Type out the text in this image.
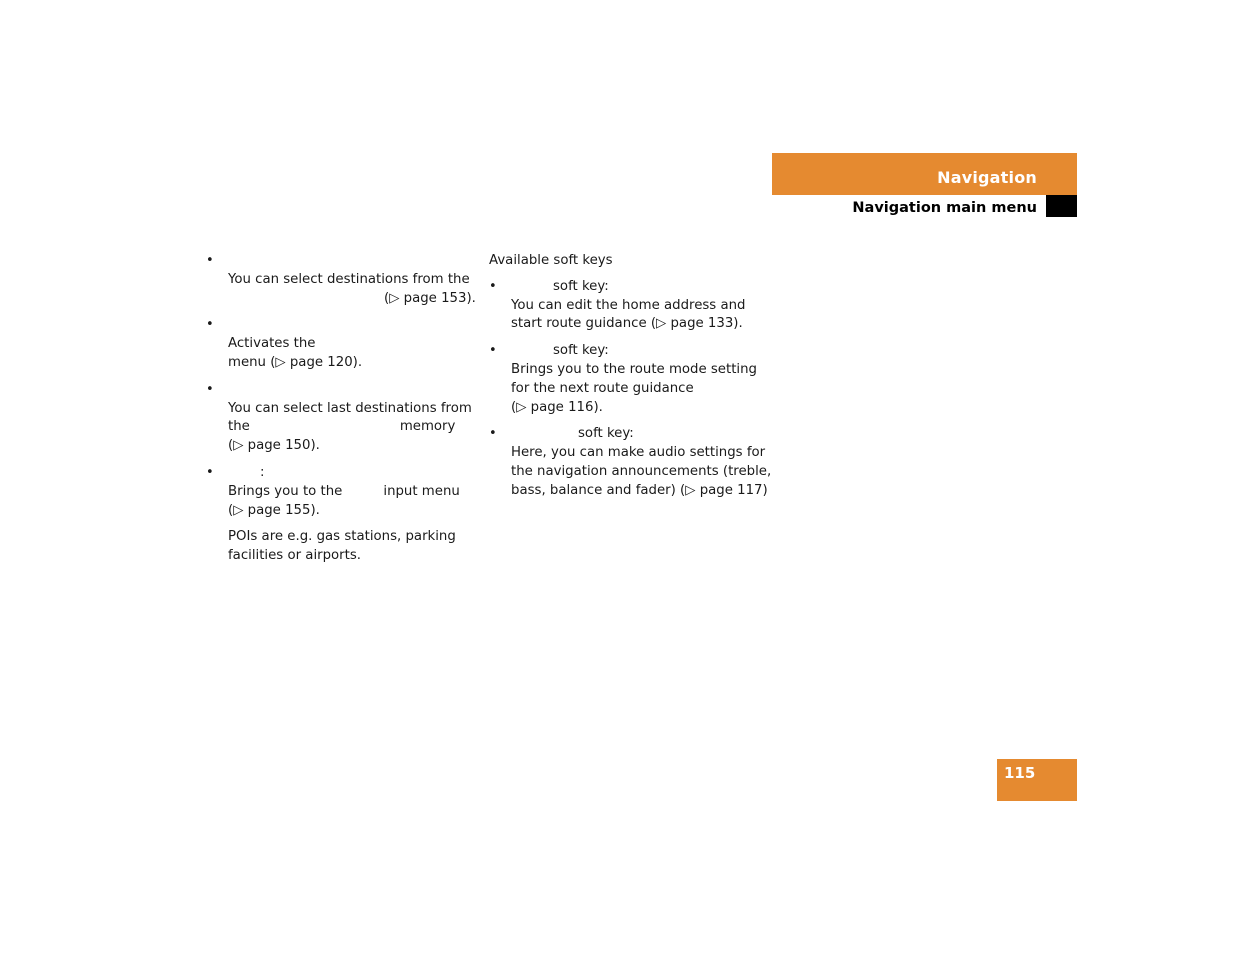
Navigation
Navigation main menu
•
You can select destinations from the
(▷ page 153).
•
Activates the
menu (▷ page 120).
•
You can select last destinations from
the	memory
(▷ page 150).
•	:
Brings you to the	input menu
(▷ page 155).
POIs are e.g. gas stations, parking
facilities or airports.
Available soft keys
•	soft key:
You can edit the home address and
start route guidance (▷ page 133).
•	soft key:
Brings you to the route mode setting
for the next route guidance
(▷ page 116).
•	soft key:
Here, you can make audio settings for
the navigation announcements (treble,
bass, balance and fader) (▷ page 117)
115
